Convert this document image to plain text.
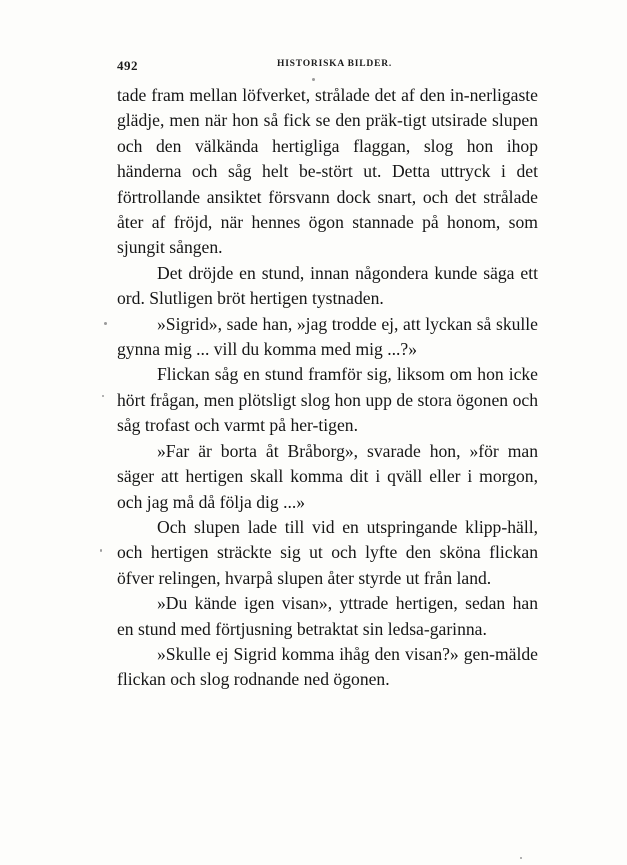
492	HISTORISKA BILDER.

tade fram mellan löfverket, strålade det af den in-nerligaste glädje, men när hon så fick se den präk-tigt utsirade slupen och den välkända hertigliga flaggan, slog hon ihop händerna och såg helt be-stört ut. Detta uttryck i det förtrollande ansiktet försvann dock snart, och det strålade åter af fröjd, när hennes ögon stannade på honom, som sjungit sången.

Det dröjde en stund, innan någondera kunde säga ett ord. Slutligen bröt hertigen tystnaden.

»Sigrid», sade han, »jag trodde ej, att lyckan så skulle gynna mig ... vill du komma med mig ...?»

Flickan såg en stund framför sig, liksom om hon icke hört frågan, men plötsligt slog hon upp de stora ögonen och såg trofast och varmt på her-tigen.

»Far är borta åt Bråborg», svarade hon, »för man säger att hertigen skall komma dit i qväll eller i morgon, och jag må då följa dig ...»

Och slupen lade till vid en utspringande klipp-häll, och hertigen sträckte sig ut och lyfte den sköna flickan öfver relingen, hvarpå slupen åter styrde ut från land.

»Du kände igen visan», yttrade hertigen, sedan han en stund med förtjusning betraktat sin ledsa-garinna.

»Skulle ej Sigrid komma ihåg den visan?» gen-mälde flickan och slog rodnande ned ögonen.
